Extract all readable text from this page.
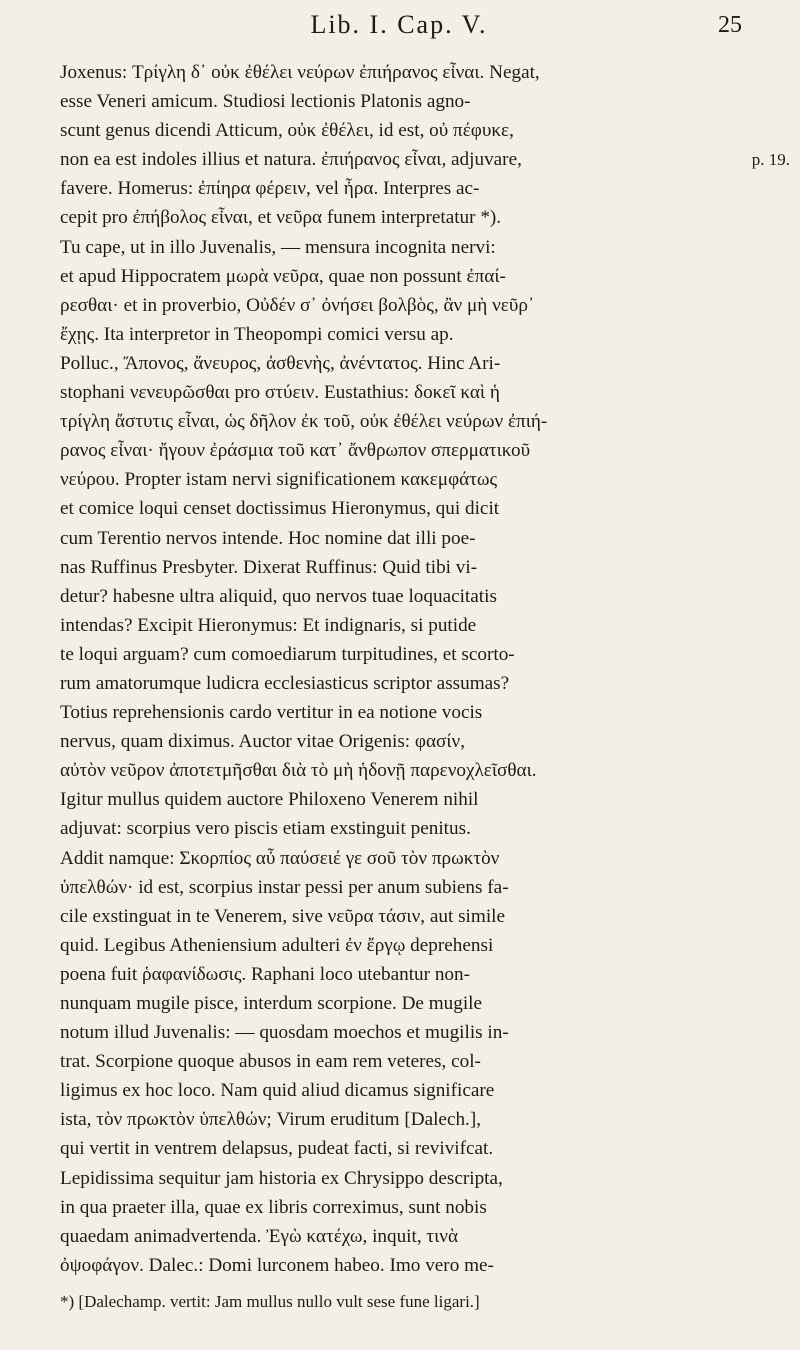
Lib. I. Cap. V.	25
Joxenus: Τρίγλη δ᾽ οὐκ ἐθέλει νεύρων ἐπιήρανος εἶναι. Negat,
esse Veneri amicum. Studiosi lectionis Platonis agno-
scunt genus dicendi Atticum, οὐκ ἐθέλει, id est, οὐ πέφυκε,
non ea est indoles illius et natura. ἐπιήρανος εἶναι, adjuvare,	p. 19.
favere. Homerus: ἐπίηρα φέρειν, vel ἦρα. Interpres ac-
cepit pro ἐπήβολος εἶναι, et νεῦρα funem interpretatur *).
Tu cape, ut in illo Juvenalis, — mensura incognita nervi:
et apud Hippocratem μωρὰ νεῦρα, quae non possunt ἐπαί-
ρεσθαι· et in proverbio, Οὐδέν σ᾽ ὀνήσει βολβὸς, ἂν μὴ νεῦρ᾽
ἔχῃς. Ita interpretor in Theopompi comici versu ap.
Polluc., Ἄπονος, ἄνευρος, ἀσθενὴς, ἀνέντατος. Hinc Ari-
stophani νενευρῶσθαι pro στύειν. Eustathius: δοκεῖ καὶ ἡ
τρίγλη ἄστυτις εἶναι, ὡς δῆλον ἐκ τοῦ, οὐκ ἐθέλει νεύρων ἐπιή-
ρανος εἶναι· ἤγουν ἐράσμια τοῦ κατ᾽ ἄνθρωπον σπερματικοῦ
νεύρου. Propter istam nervi significationem κακεμφάτως
et comice loqui censet doctissimus Hieronymus, qui dicit
cum Terentio nervos intende. Hoc nomine dat illi poe-
nas Ruffinus Presbyter. Dixerat Ruffinus: Quid tibi vi-
detur? habesne ultra aliquid, quo nervos tuae loquacitatis
intendas? Excipit Hieronymus: Et indignaris, si putide
te loqui arguam? cum comoediarum turpitudines, et scorto-
rum amatorumque ludicra ecclesiasticus scriptor assumas?
Totius reprehensionis cardo vertitur in ea notione vocis
nervus, quam diximus. Auctor vitae Origenis: φασίν,
αὐτὸν νεῦρον ἀποτετμῆσθαι διὰ τὸ μὴ ἡδονῇ παρενοχλεῖσθαι.
Igitur mullus quidem auctore Philoxeno Venerem nihil
adjuvat: scorpius vero piscis etiam exstinguit penitus.
Addit namque: Σκορπίος αὖ παύσειέ γε σοῦ τὸν πρωκτὸν
ὑπελθών· id est, scorpius instar pessi per anum subiens fa-
cile exstinguat in te Venerem, sive νεῦρα τάσιν, aut simile
quid. Legibus Atheniensium adulteri ἐν ἔργῳ deprehensi
poena fuit ῥαφανίδωσις. Raphani loco utebantur non-
nunquam mugile pisce, interdum scorpione. De mugile
notum illud Juvenalis: — quosdam moechos et mugilis in-
trat. Scorpione quoque abusos in eam rem veteres, col-
ligimus ex hoc loco. Nam quid aliud dicamus significare
ista, τὸν πρωκτὸν ὑπελθών; Virum eruditum [Dalech.],
qui vertit in ventrem delapsus, pudeat facti, si revivifcat.
Lepidissima sequitur jam historia ex Chrysippo descripta,
in qua praeter illa, quae ex libris correximus, sunt nobis
quaedam animadvertenda. Ἐγὼ κατέχω, inquit, τινὰ
ὀψοφάγον. Dalec.: Domi lurconem habeo. Imo vero me-
*) [Dalechamp. vertit: Jam mullus nullo vult sese fune ligari.]
